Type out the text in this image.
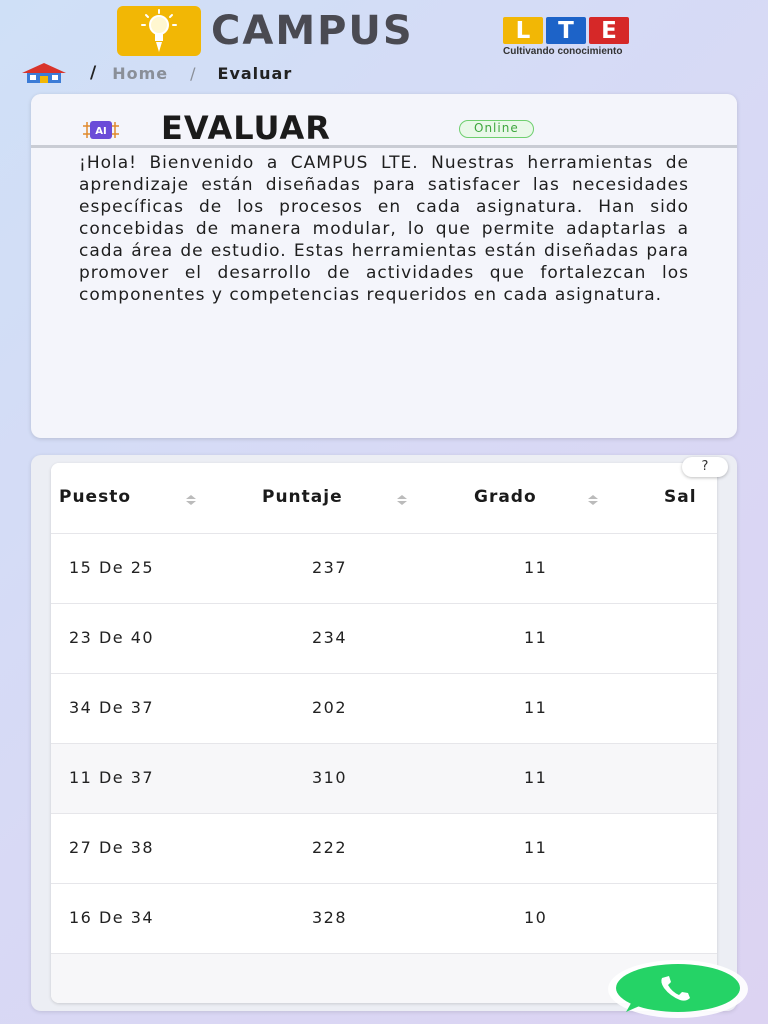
CAMPUS	L	T	E
Cultivando conocimiento
/ Home / Evaluar
AI EVALUAR	Online
¡Hola! Bienvenido a CAMPUS LTE. Nuestras herramientas de aprendizaje están diseñadas para satisfacer las necesidades específicas de los procesos en cada asignatura. Han sido concebidas de manera modular, lo que permite adaptarlas a cada área de estudio. Estas herramientas están diseñadas para promover el desarrollo de actividades que fortalezcan los componentes y competencias requeridos en cada asignatura.
Puesto	Puntaje	Grado	Sal
15 De 25	237	11
23 De 40	234	11
34 De 37	202	11
11 De 37	310	11
27 De 38	222	11
16 De 34	328	10
?
